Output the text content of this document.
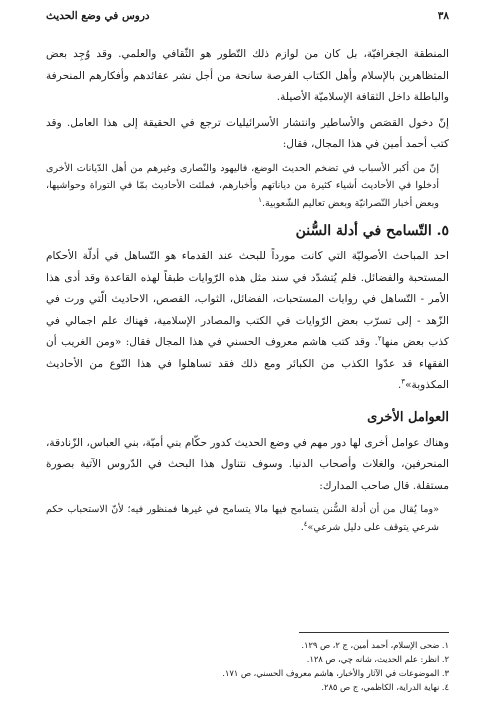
٣٨
دروس في وضع الحديث

المنطقة الجغرافيّة، بل كان من لوازم ذلك التّطور هو الثّقافي والعلمي. وقد وُجِد بعض المتظاهرين بالإسلام وأهل الكتاب الفرصة سانحة من أجل نشر عقائدهم وأفكارهم المنحرفة والباطلة داخل الثقافة الإسلاميّة الأصيلة.

إنّ دخول القصَص والأساطير وانتشار الأسرائيليات ترجع في الحقيقة إلى هذا العامل. وقد كتب أحمد أمين في هذا المجال، فقال:

إنّ من أكبر الأسباب في تضخم الحديث الوضع، فاليهود والنّصارى وغيرهم من أهل الدّيانات الأخرى أدخلوا في الأحاديث أشياء كثيرة من دياناتهم وأخبارهم، فملئت الأحاديث بمّا في التوراة وحواشيها، وبعض أخبار النّصرانيّة وبعض تعاليم الشّعوبية.$^١$
٥. التّسامح في أدلة السُّنن

احد المباحث الأصوليّة التي كانت مورداً للبحث عند القدماء هو التّساهل في أدلّة الأحكام المستحبة والفضائل. فلم يُتشدّد في سند مثل هذه الرّوايات طبقاً لهذه القاعدة وقد أدى هذا الأمر - التّساهل في روايات المستحبات، الفضائل، الثواب، القصص، الاحاديث الّتي ورت في الزّهد - إلى تسرّب بعض الرّوايات في الكتب والمصادر الإسلامية، فهناك علم اجمالي في كذب بعض منها$^٢$. وقد كتب هاشم معروف الحسني في هذا المجال فقال: «ومن الغريب أن الفقهاء قد عدّوا الكذب من الكبائر ومع ذلك فقد تساهلوا في هذا النّوع من الأحاديث المكذوبة»$^٣$.

العوامل الأخرى

وهناك عوامل أخرى لها دور مهم في وضع الحديث كدور حكّام بني أميّة، بني العباس، الزّنادقة، المنحرفين، والغلات وأصحاب الدنيا. وسوف نتناول هذا البحث في الدّروس الآتية بصورة مستقلة. قال صاحب المدارك:

«وما يُقال من أن أدلة السُّنن يتسامح فيها مالا يتسامح في غيرها فمنظور فيه؛ لأنّ الاستحباب حكم شرعي يتوقف على دليل شرعي»$^٤$.
١. ضحى الإسلام، أحمد أمين، ج ٢، ص ١٢٩.
٢. انظر: علم الحديث، شانه چي، ص ١٢٨.
٣. الموضوعات في الآثار والأخبار، هاشم معروف الحسني، ص ١٧١.
٤. نهاية الدراية، الكاظمي، ج ص ٢٨٥.
